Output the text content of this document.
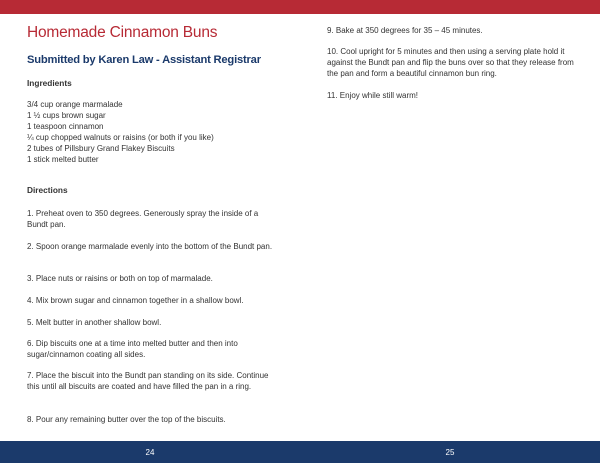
Homemade Cinnamon Buns
Submitted by Karen Law - Assistant Registrar
Ingredients
3/4 cup orange marmalade
1 ½ cups brown sugar
1 teaspoon cinnamon
¼ cup chopped walnuts or raisins (or both if you like)
2 tubes of Pillsbury Grand Flakey Biscuits
1 stick melted butter
Directions

1. Preheat oven to 350 degrees. Generously spray the inside of a Bundt pan.

2. Spoon orange marmalade evenly into the bottom of the Bundt pan.

3. Place nuts or raisins or both on top of marmalade.

4. Mix brown sugar and cinnamon together in a shallow bowl.

5. Melt butter in another shallow bowl.

6. Dip biscuits one at a time into melted butter and then into sugar/cinnamon coating all sides.

7. Place the biscuit into the Bundt pan standing on its side. Continue this until all biscuits are coated and have filled the pan in a ring.

8. Pour any remaining butter over the top of the biscuits.

9. Bake at 350 degrees for 35 – 45 minutes.

10. Cool upright for 5 minutes and then using a serving plate hold it against the Bundt pan and flip the buns over so that they release from the pan and form a beautiful cinnamon bun ring.

11. Enjoy while still warm!

24	25
